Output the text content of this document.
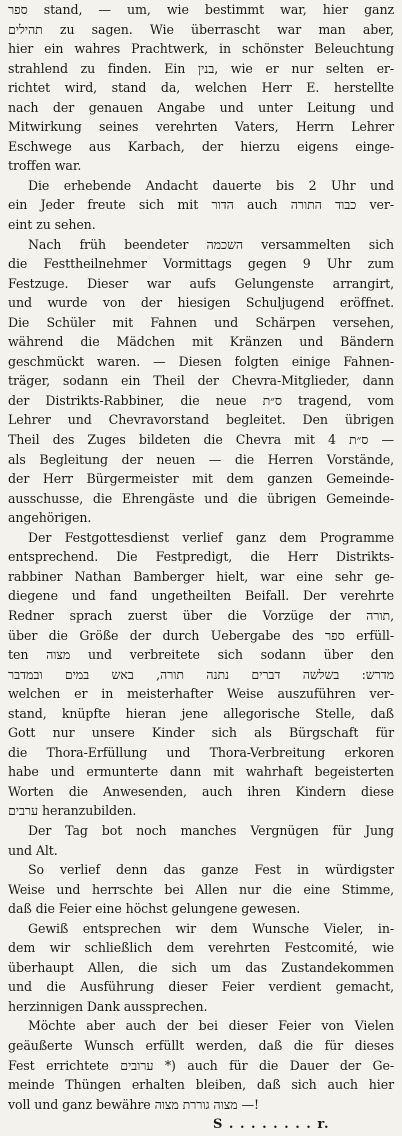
ספר stand, — um, wie bestimmt war, hier ganz
תהילים zu sagen. Wie überrascht war man aber,
hier ein wahres Prachtwerk, in schönster Beleuchtung
strahlend zu finden. Ein בנין, wie er nur selten er-
richtet wird, stand da, welchen Herr E. herstellte
nach der genauen Angabe und unter Leitung und
Mitwirkung seines verehrten Vaters, Herrn Lehrer
Eschwege aus Karbach, der hierzu eigens einge-
troffen war.
Die erhebende Andacht dauerte bis 2 Uhr und
ein Jeder freute sich mit הדור auch כבוד התורה ver-
eint zu sehen.
Nach früh beendeter השכמה versammelten sich
die Festtheilnehmer Vormittags gegen 9 Uhr zum
Festzuge. Dieser war aufs Gelungenste arrangirt,
und wurde von der hiesigen Schuljugend eröffnet.
Die Schüler mit Fahnen und Schärpen versehen,
während die Mädchen mit Kränzen und Bändern
geschmückt waren. — Diesen folgten einige Fahnen-
träger, sodann ein Theil der Chevra-Mitglieder, dann
der Distrikts-Rabbiner, die neue ס״ת tragend, vom
Lehrer und Chevravorstand begleitet. Den übrigen
Theil des Zuges bildeten die Chevra mit 4 ס״ת —
als Begleitung der neuen — die Herren Vorstände,
der Herr Bürgermeister mit dem ganzen Gemeinde-
ausschusse, die Ehrengäste und die übrigen Gemeinde-
angehörigen.
Der Festgottesdienst verlief ganz dem Programme
entsprechend. Die Festpredigt, die Herr Distrikts-
rabbiner Nathan Bamberger hielt, war eine sehr ge-
diegene und fand ungetheilten Beifall. Der verehrte
Redner sprach zuerst über die Vorzüge der תורה,
über die Größe der durch Uebergabe des ספר erfüll-
ten מצוה und verbreitete sich sodann über den
מדרש: בשלשה דברים נתנה תורה, באש במים ובמדבר
welchen er in meisterhafter Weise auszuführen ver-
stand, knüpfte hieran jene allegorische Stelle, daß
Gott nur unsere Kinder sich als Bürgschaft für
die Thora-Erfüllung und Thora-Verbreitung erkoren
habe und ermunterte dann mit wahrhaft begeisterten
Worten die Anwesenden, auch ihren Kindern diese
ערבים heranzubilden.
Der Tag bot noch manches Vergnügen für Jung
und Alt.
So verlief denn das ganze Fest in würdigster
Weise und herrschte bei Allen nur die eine Stimme,
daß die Feier eine höchst gelungene gewesen.
Gewiß entsprechen wir dem Wunsche Vieler, in-
dem wir schließlich dem verehrten Festcomité, wie
überhaupt Allen, die sich um das Zustandekommen
und die Ausführung dieser Feier verdient gemacht,
herzinnigen Dank aussprechen.
Möchte aber auch der bei dieser Feier von Vielen
geäußerte Wunsch erfüllt werden, daß die für dieses
Fest errichtete ערובים *) auch für die Dauer der Ge-
meinde Thüngen erhalten bleiben, daß sich auch hier
voll und ganz bewähre מצוה גוררת מצוה —!
S . . . . . . . . r.
